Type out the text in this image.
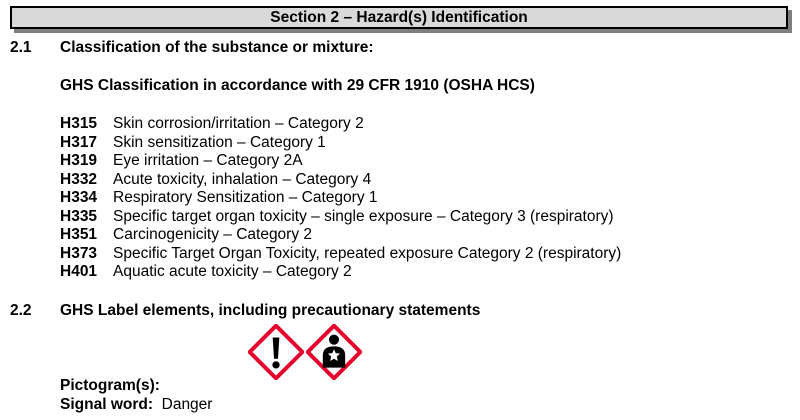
Section 2 – Hazard(s) Identification
2.1 Classification of the substance or mixture:
GHS Classification in accordance with 29 CFR 1910 (OSHA HCS)
H315	Skin corrosion/irritation – Category 2
H317	Skin sensitization – Category 1
H319	Eye irritation – Category 2A
H332	Acute toxicity, inhalation – Category 4
H334	Respiratory Sensitization – Category 1
H335	Specific target organ toxicity – single exposure – Category 3 (respiratory)
H351	Carcinogenicity – Category 2
H373	Specific Target Organ Toxicity, repeated exposure Category 2 (respiratory)
H401	Aquatic acute toxicity – Category 2
2.2 GHS Label elements, including precautionary statements
Pictogram(s):
Signal word: Danger
